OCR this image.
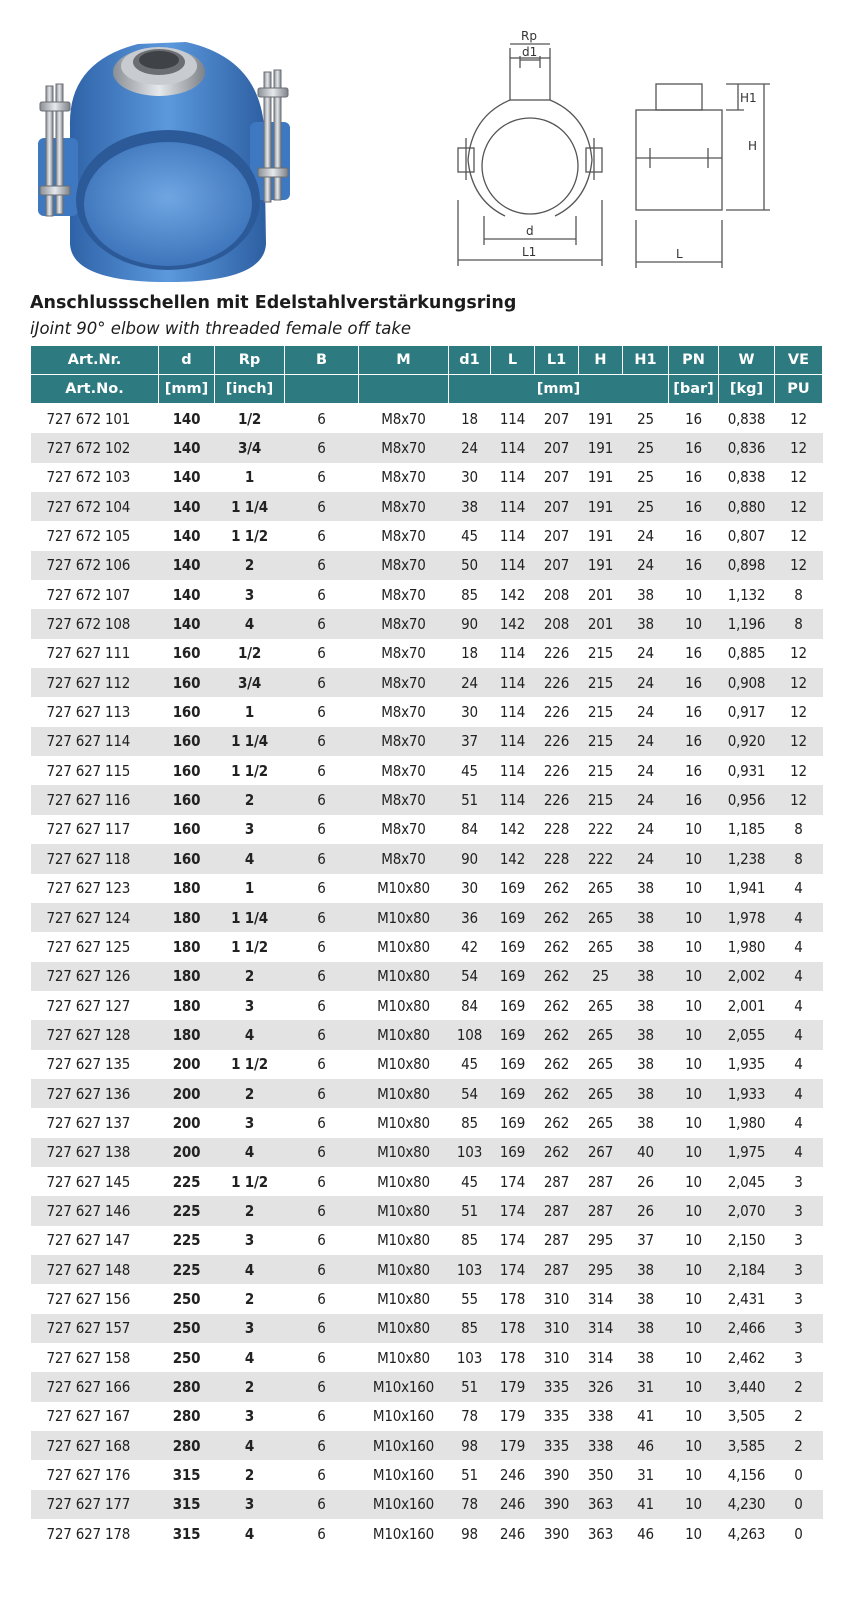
Rp
d1
d
L1
H1
H
L
Anschlussschellen mit Edelstahlverstärkungsring
iJoint 90° elbow with threaded female off take
Art.Nr.	d	Rp	B	M	d1	L	L1	H	H1	PN	W	VE
Art.No.	[mm]	[inch]			[mm]					[bar]	[kg]	PU
727 672 101	140	1/2	6	M8x70	18	114	207	191	25	16	0,838	12
727 672 102	140	3/4	6	M8x70	24	114	207	191	25	16	0,836	12
727 672 103	140	1	6	M8x70	30	114	207	191	25	16	0,838	12
727 672 104	140	1 1/4	6	M8x70	38	114	207	191	25	16	0,880	12
727 672 105	140	1 1/2	6	M8x70	45	114	207	191	24	16	0,807	12
727 672 106	140	2	6	M8x70	50	114	207	191	24	16	0,898	12
727 672 107	140	3	6	M8x70	85	142	208	201	38	10	1,132	8
727 672 108	140	4	6	M8x70	90	142	208	201	38	10	1,196	8
727 627 111	160	1/2	6	M8x70	18	114	226	215	24	16	0,885	12
727 627 112	160	3/4	6	M8x70	24	114	226	215	24	16	0,908	12
727 627 113	160	1	6	M8x70	30	114	226	215	24	16	0,917	12
727 627 114	160	1 1/4	6	M8x70	37	114	226	215	24	16	0,920	12
727 627 115	160	1 1/2	6	M8x70	45	114	226	215	24	16	0,931	12
727 627 116	160	2	6	M8x70	51	114	226	215	24	16	0,956	12
727 627 117	160	3	6	M8x70	84	142	228	222	24	10	1,185	8
727 627 118	160	4	6	M8x70	90	142	228	222	24	10	1,238	8
727 627 123	180	1	6	M10x80	30	169	262	265	38	10	1,941	4
727 627 124	180	1 1/4	6	M10x80	36	169	262	265	38	10	1,978	4
727 627 125	180	1 1/2	6	M10x80	42	169	262	265	38	10	1,980	4
727 627 126	180	2	6	M10x80	54	169	262	25	38	10	2,002	4
727 627 127	180	3	6	M10x80	84	169	262	265	38	10	2,001	4
727 627 128	180	4	6	M10x80	108	169	262	265	38	10	2,055	4
727 627 135	200	1 1/2	6	M10x80	45	169	262	265	38	10	1,935	4
727 627 136	200	2	6	M10x80	54	169	262	265	38	10	1,933	4
727 627 137	200	3	6	M10x80	85	169	262	265	38	10	1,980	4
727 627 138	200	4	6	M10x80	103	169	262	267	40	10	1,975	4
727 627 145	225	1 1/2	6	M10x80	45	174	287	287	26	10	2,045	3
727 627 146	225	2	6	M10x80	51	174	287	287	26	10	2,070	3
727 627 147	225	3	6	M10x80	85	174	287	295	37	10	2,150	3
727 627 148	225	4	6	M10x80	103	174	287	295	38	10	2,184	3
727 627 156	250	2	6	M10x80	55	178	310	314	38	10	2,431	3
727 627 157	250	3	6	M10x80	85	178	310	314	38	10	2,466	3
727 627 158	250	4	6	M10x80	103	178	310	314	38	10	2,462	3
727 627 166	280	2	6	M10x160	51	179	335	326	31	10	3,440	2
727 627 167	280	3	6	M10x160	78	179	335	338	41	10	3,505	2
727 627 168	280	4	6	M10x160	98	179	335	338	46	10	3,585	2
727 627 176	315	2	6	M10x160	51	246	390	350	31	10	4,156	0
727 627 177	315	3	6	M10x160	78	246	390	363	41	10	4,230	0
727 627 178	315	4	6	M10x160	98	246	390	363	46	10	4,263	0
